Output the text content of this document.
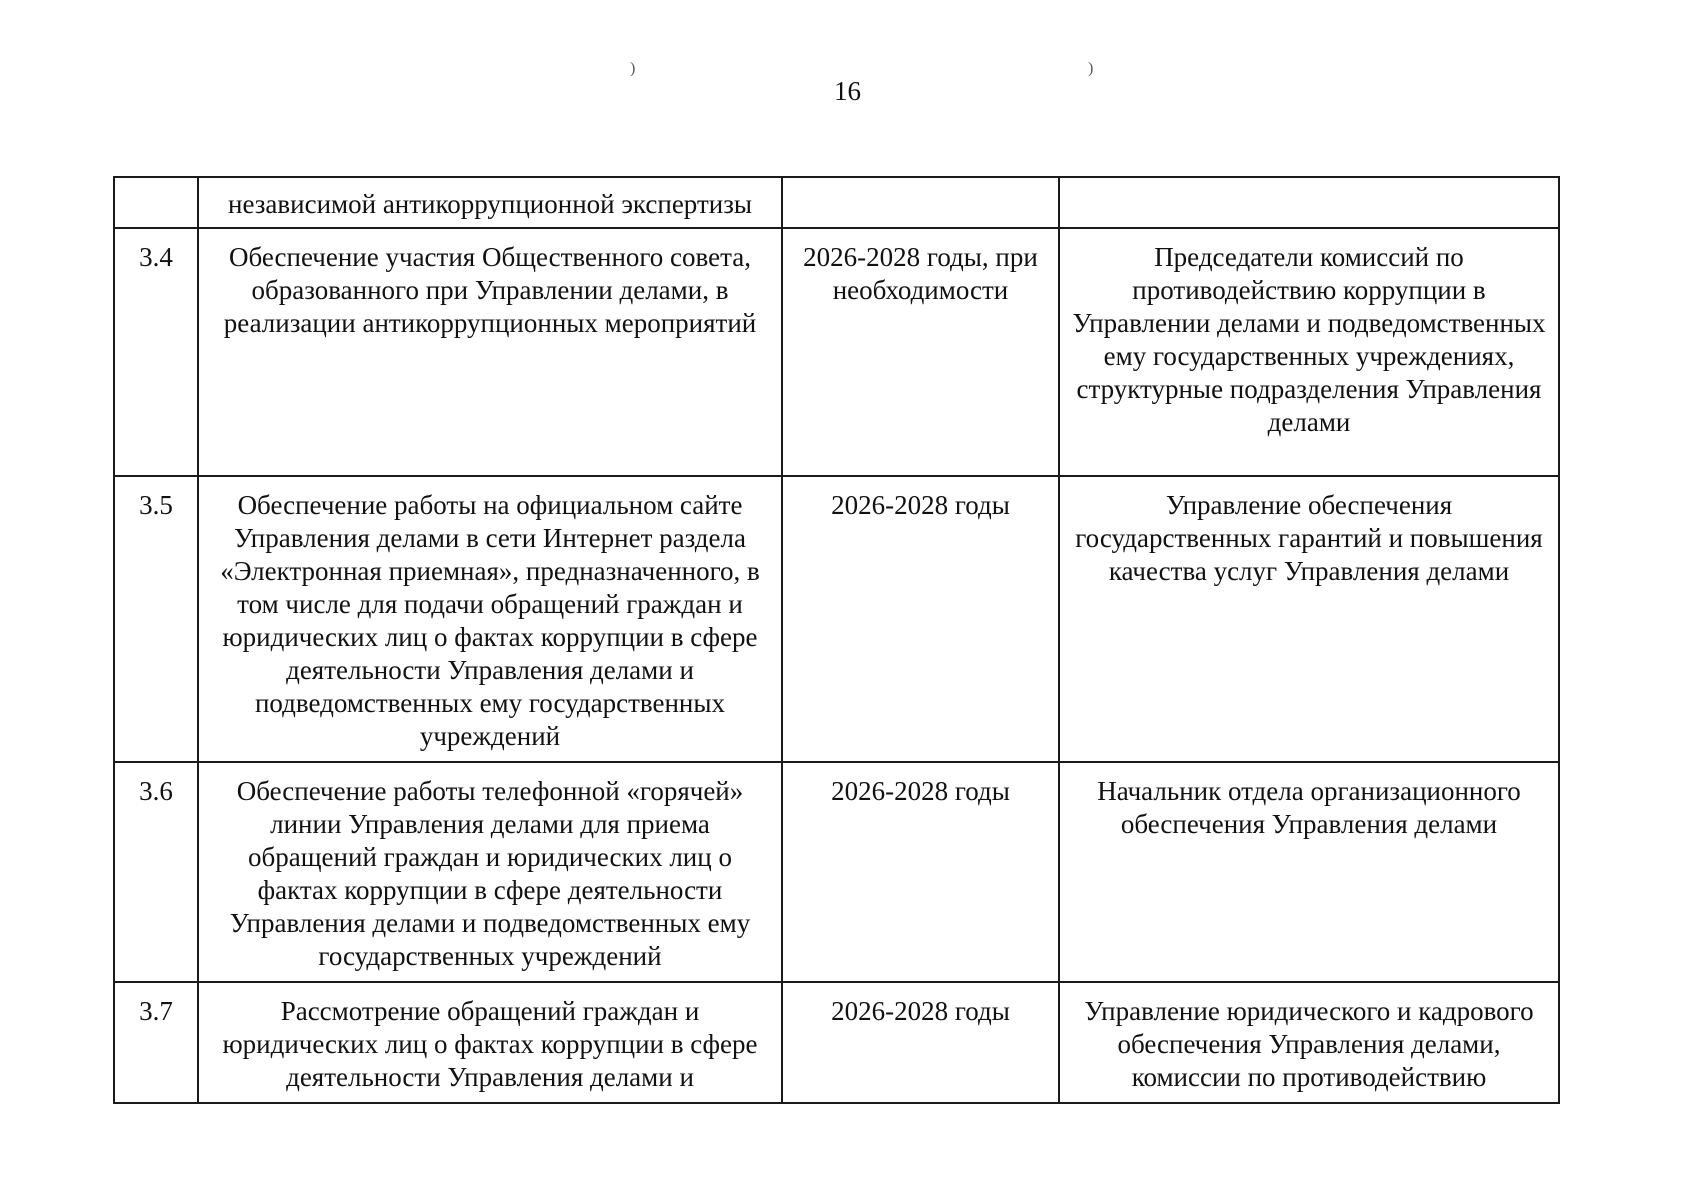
)	)
16
	независимой антикоррупционной экспертизы		
3.4	Обеспечение участия Общественного совета, образованного при Управлении делами, в реализации антикоррупционных мероприятий	2026-2028 годы, при необходимости	Председатели комиссий по противодействию коррупции в Управлении делами и подведомственных ему государственных учреждениях, структурные подразделения Управления делами
3.5	Обеспечение работы на официальном сайте Управления делами в сети Интернет раздела «Электронная приемная», предназначенного, в том числе для подачи обращений граждан и юридических лиц о фактах коррупции в сфере деятельности Управления делами и подведомственных ему государственных учреждений	2026-2028 годы	Управление обеспечения государственных гарантий и повышения качества услуг Управления делами
3.6	Обеспечение работы телефонной «горячей» линии Управления делами для приема обращений граждан и юридических лиц о фактах коррупции в сфере деятельности Управления делами и подведомственных ему государственных учреждений	2026-2028 годы	Начальник отдела организационного обеспечения Управления делами
3.7	Рассмотрение обращений граждан и юридических лиц о фактах коррупции в сфере деятельности Управления делами и	2026-2028 годы	Управление юридического и кадрового обеспечения Управления делами, комиссии по противодействию
